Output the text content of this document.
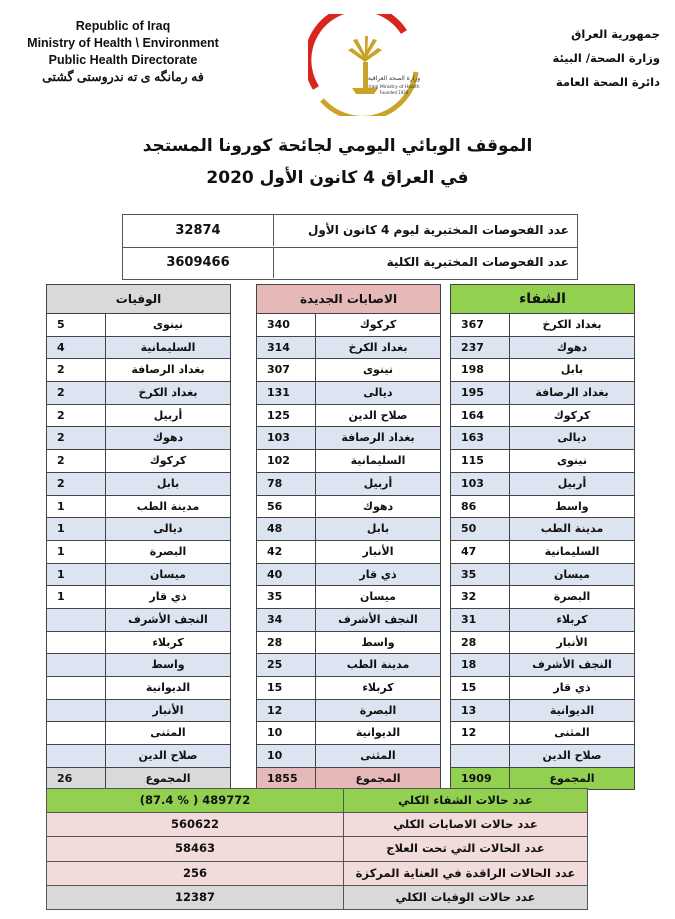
Republic of Iraq
Ministry of Health \ Environment
Public Health Directorate
فه رمانگه ی ته ندروستی گشتی	وزارة الصحة العراقية
Iraqi Ministry of Health
Founded 1920
جمهورية العراق
وزارة الصحة/ البيئة
دائرة الصحة العامة
الموقف الوبائي اليومي لجائحة كورونا المستجد
في العراق 4 كانون الأول 2020
عدد الفحوصات المختبرية ليوم 4 كانون الأول
32874
عدد الفحوصات المختبرية الكلية
3609466
الوفيات
نينوى
5
السليمانية
4
بغداد الرصافة
2
بغداد الكرخ
2
أربيل
2
دهوك
2
كركوك
2
بابل
2
مدينة الطب
1
ديالى
1
البصرة
1
ميسان
1
ذي قار
1
النجف الأشرف
كربلاء
واسط
الديوانية
الأنبار
المثنى
صلاح الدين
المجموع
26
الاصابات الجديدة
كركوك
340
بغداد الكرخ
314
نينوى
307
ديالى
131
صلاح الدين
125
بغداد الرصافة
103
السليمانية
102
أربيل
78
دهوك
56
بابل
48
الأنبار
42
ذي قار
40
ميسان
35
النجف الأشرف
34
واسط
28
مدينة الطب
25
كربلاء
15
البصرة
12
الديوانية
10
المثنى
10
المجموع
1855
الشفاء
بغداد الكرخ
367
دهوك
237
بابل
198
بغداد الرصافة
195
كركوك
164
ديالى
163
نينوى
115
أربيل
103
واسط
86
مدينة الطب
50
السليمانية
47
ميسان
35
البصرة
32
كربلاء
31
الأنبار
28
النجف الأشرف
18
ذي قار
15
الديوانية
13
المثنى
12
صلاح الدين
المجموع
1909
عدد حالات الشفاء الكلي
(87.4 % ) 489772
عدد حالات الاصابات الكلي
560622
عدد الحالات التي تحت العلاج
58463
عدد الحالات الراقدة في العناية المركزة
256
عدد حالات الوفيات الكلي
12387
